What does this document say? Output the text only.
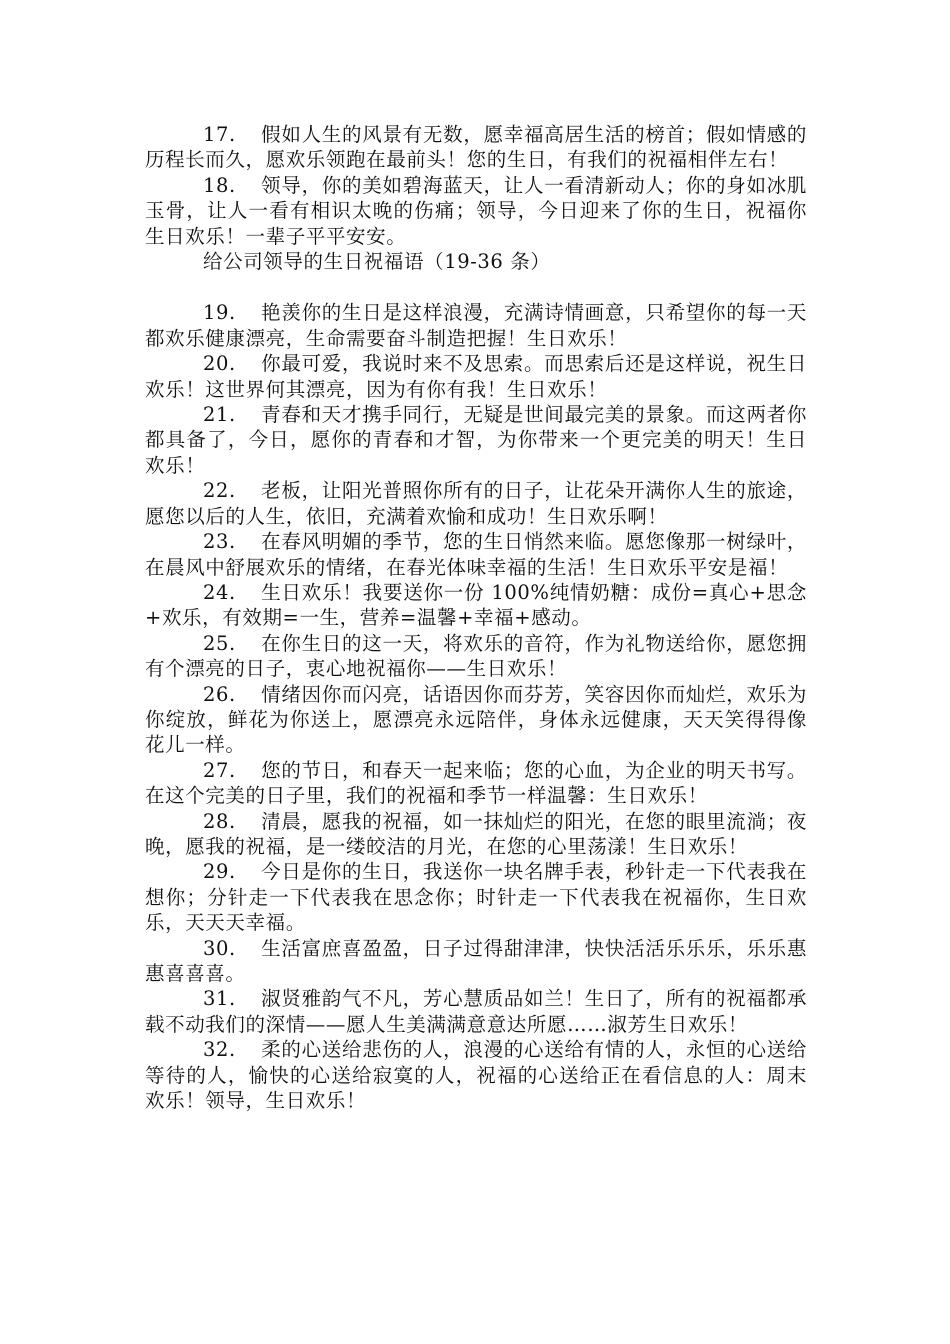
17. 假如人生的风景有无数，愿幸福高居生活的榜首；假如情感的历程长而久，愿欢乐领跑在最前头！您的生日，有我们的祝福相伴左右！

18. 领导，你的美如碧海蓝天，让人一看清新动人；你的身如冰肌玉骨，让人一看有相识太晚的伤痛；领导，今日迎来了你的生日，祝福你生日欢乐！一辈子平平安安。

给公司领导的生日祝福语（19-36 条）

19. 艳羡你的生日是这样浪漫，充满诗情画意，只希望你的每一天都欢乐健康漂亮，生命需要奋斗制造把握！生日欢乐！

20. 你最可爱，我说时来不及思索。而思索后还是这样说，祝生日欢乐！这世界何其漂亮，因为有你有我！生日欢乐！

21. 青春和天才携手同行，无疑是世间最完美的景象。而这两者你都具备了，今日，愿你的青春和才智，为你带来一个更完美的明天！生日欢乐！

22. 老板，让阳光普照你所有的日子，让花朵开满你人生的旅途，愿您以后的人生，依旧，充满着欢愉和成功！生日欢乐啊！

23. 在春风明媚的季节，您的生日悄然来临。愿您像那一树绿叶，在晨风中舒展欢乐的情绪，在春光体味幸福的生活！生日欢乐平安是福！

24. 生日欢乐！我要送你一份 100%纯情奶糖：成份=真心+思念+欢乐，有效期=一生，营养=温馨+幸福+感动。

25. 在你生日的这一天，将欢乐的音符，作为礼物送给你，愿您拥有个漂亮的日子，衷心地祝福你——生日欢乐！

26. 情绪因你而闪亮，话语因你而芬芳，笑容因你而灿烂，欢乐为你绽放，鲜花为你送上，愿漂亮永远陪伴，身体永远健康，天天笑得得像花儿一样。

27. 您的节日，和春天一起来临；您的心血，为企业的明天书写。在这个完美的日子里，我们的祝福和季节一样温馨：生日欢乐！

28. 清晨，愿我的祝福，如一抹灿烂的阳光，在您的眼里流淌；夜晚，愿我的祝福，是一缕皎洁的月光，在您的心里荡漾！生日欢乐！

29. 今日是你的生日，我送你一块名牌手表，秒针走一下代表我在想你；分针走一下代表我在思念你；时针走一下代表我在祝福你，生日欢乐，天天天幸福。

30. 生活富庶喜盈盈，日子过得甜津津，快快活活乐乐乐，乐乐惠惠喜喜喜。

31. 淑贤雅韵气不凡，芳心慧质品如兰！生日了，所有的祝福都承载不动我们的深情——愿人生美满满意意达所愿……淑芳生日欢乐！

32. 柔的心送给悲伤的人，浪漫的心送给有情的人，永恒的心送给等待的人，愉快的心送给寂寞的人，祝福的心送给正在看信息的人：周末欢乐！领导，生日欢乐！
